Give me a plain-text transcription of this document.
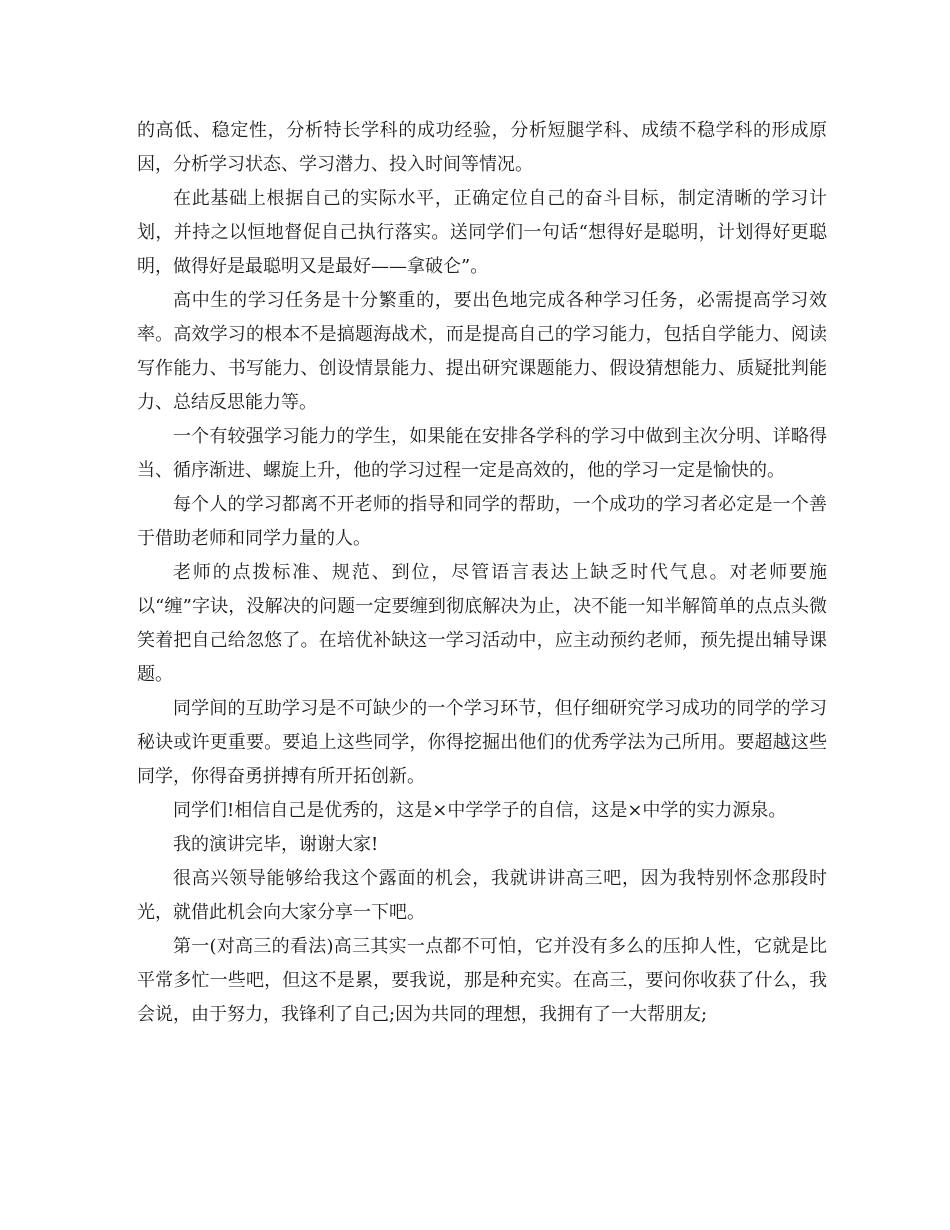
的高低、稳定性，分析特长学科的成功经验，分析短腿学科、成绩不稳学科的形成原因，分析学习状态、学习潜力、投入时间等情况。

在此基础上根据自己的实际水平，正确定位自己的奋斗目标，制定清晰的学习计划，并持之以恒地督促自己执行落实。送同学们一句话“想得好是聪明，计划得好更聪明，做得好是最聪明又是最好——拿破仑”。

高中生的学习任务是十分繁重的，要出色地完成各种学习任务，必需提高学习效率。高效学习的根本不是搞题海战术，而是提高自己的学习能力，包括自学能力、阅读写作能力、书写能力、创设情景能力、提出研究课题能力、假设猜想能力、质疑批判能力、总结反思能力等。

一个有较强学习能力的学生，如果能在安排各学科的学习中做到主次分明、详略得当、循序渐进、螺旋上升，他的学习过程一定是高效的，他的学习一定是愉快的。

每个人的学习都离不开老师的指导和同学的帮助，一个成功的学习者必定是一个善于借助老师和同学力量的人。

老师的点拨标准、规范、到位，尽管语言表达上缺乏时代气息。对老师要施以“缠”字诀，没解决的问题一定要缠到彻底解决为止，决不能一知半解简单的点点头微笑着把自己给忽悠了。在培优补缺这一学习活动中，应主动预约老师，预先提出辅导课题。

同学间的互助学习是不可缺少的一个学习环节，但仔细研究学习成功的同学的学习秘诀或许更重要。要追上这些同学，你得挖掘出他们的优秀学法为己所用。要超越这些同学，你得奋勇拼搏有所开拓创新。

同学们!相信自己是优秀的，这是×中学学子的自信，这是×中学的实力源泉。

我的演讲完毕，谢谢大家!

很高兴领导能够给我这个露面的机会，我就讲讲高三吧，因为我特别怀念那段时光，就借此机会向大家分享一下吧。

第一(对高三的看法)高三其实一点都不可怕，它并没有多么的压抑人性，它就是比平常多忙一些吧，但这不是累，要我说，那是种充实。在高三，要问你收获了什么，我会说，由于努力，我锋利了自己;因为共同的理想，我拥有了一大帮朋友;
